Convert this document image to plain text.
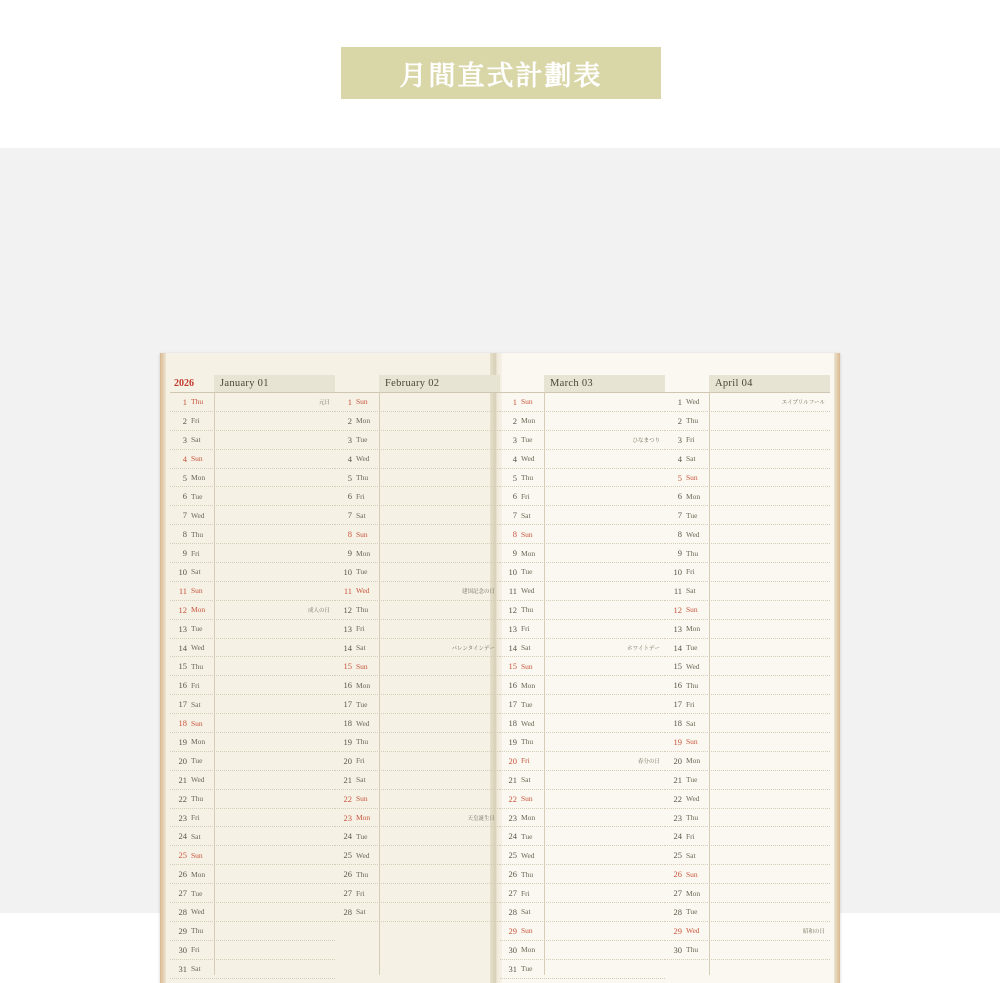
月間直式計劃表
2026	January 01
1 Thu	元日
2 Fri
3 Sat
4 Sun
5 Mon
6 Tue
7 Wed
8 Thu
9 Fri
10 Sat
11 Sun
12 Mon	成人の日
13 Tue
14 Wed
15 Thu
16 Fri
17 Sat
18 Sun
19 Mon
20 Tue
21 Wed
22 Thu
23 Fri
24 Sat
25 Sun
26 Mon
27 Tue
28 Wed
29 Thu
30 Fri
31 Sat
February 02
1 Sun
2 Mon
3 Tue
4 Wed
5 Thu
6 Fri
7 Sat
8 Sun
9 Mon
10 Tue
11 Wed	建国記念の日
12 Thu
13 Fri
14 Sat	バレンタインデー
15 Sun
16 Mon
17 Tue
18 Wed
19 Thu
20 Fri
21 Sat
22 Sun
23 Mon	天皇誕生日
24 Tue
25 Wed
26 Thu
27 Fri
28 Sat
March 03
1 Sun
2 Mon
3 Tue	ひなまつり
4 Wed
5 Thu
6 Fri
7 Sat
8 Sun
9 Mon
10 Tue
11 Wed
12 Thu
13 Fri
14 Sat	ホワイトデー
15 Sun
16 Mon
17 Tue
18 Wed
19 Thu
20 Fri	春分の日
21 Sat
22 Sun
23 Mon
24 Tue
25 Wed
26 Thu
27 Fri
28 Sat
29 Sun
30 Mon
31 Tue
April 04
1 Wed	エイプリルフール
2 Thu
3 Fri
4 Sat
5 Sun
6 Mon
7 Tue
8 Wed
9 Thu
10 Fri
11 Sat
12 Sun
13 Mon
14 Tue
15 Wed
16 Thu
17 Fri
18 Sat
19 Sun
20 Mon
21 Tue
22 Wed
23 Thu
24 Fri
25 Sat
26 Sun
27 Mon
28 Tue
29 Wed	昭和の日
30 Thu
